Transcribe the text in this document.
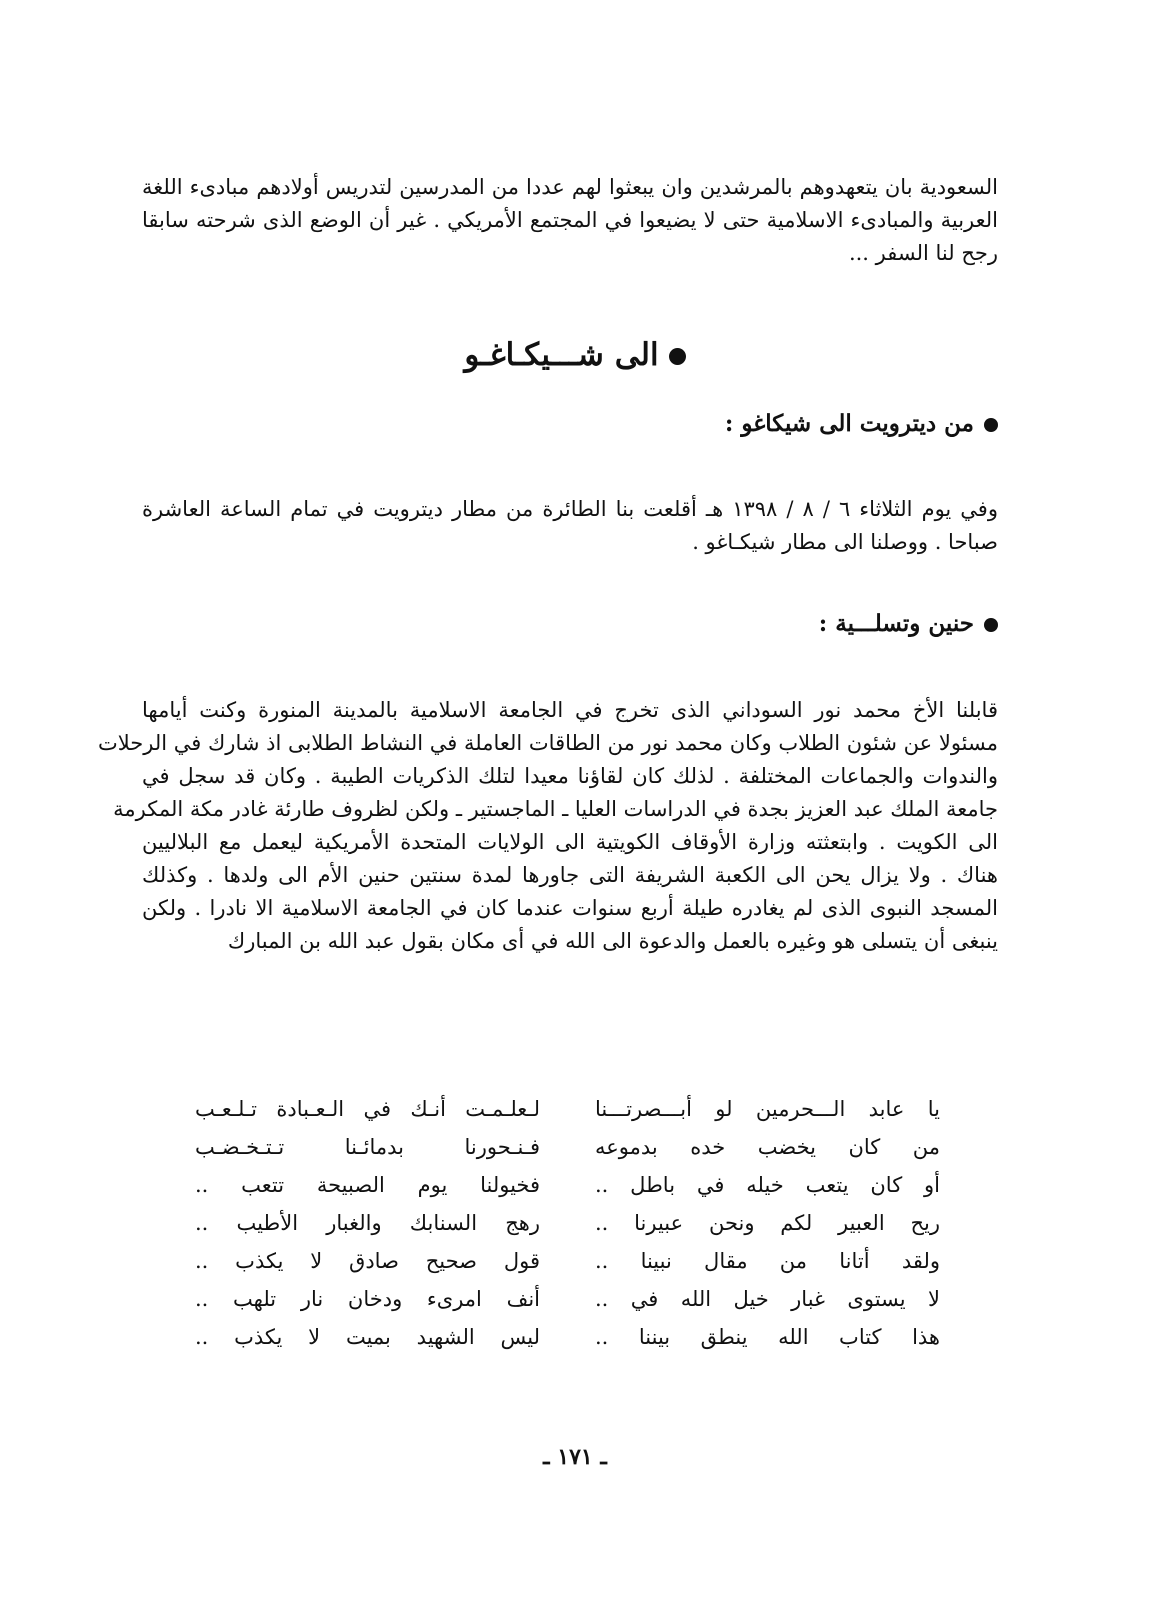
السعودية بان يتعهدوهم بالمرشدين وان يبعثوا لهم عددا من المدرسين لتدريس أولادهم مبادىء اللغة
العربية والمبادىء الاسلامية حتى لا يضيعوا في المجتمع الأمريكي . غير أن الوضع الذى شرحته سابقا
رجح لنا السفر ...
الى شـــيكـاغـو
من ديترويت الى شيكاغو :
وفي يوم الثلاثاء ٦ / ٨ / ١٣٩٨ هـ أقلعت بنا الطائرة من مطار ديترويت في تمام الساعة العاشرة
صباحا . ووصلنا الى مطار شيكـاغو .
حنين وتسلـــية :
قابلنا الأخ محمد نور السوداني الذى تخرج في الجامعة الاسلامية بالمدينة المنورة وكنت أيامها
مسئولا عن شئون الطلاب وكان محمد نور من الطاقات العاملة في النشاط الطلابى اذ شارك في الرحلات
والندوات والجماعات المختلفة . لذلك كان لقاؤنا معيدا لتلك الذكريات الطيبة . وكان قد سجل في
جامعة الملك عبد العزيز بجدة في الدراسات العليا ـ الماجستير ـ ولكن لظروف طارئة غادر مكة المكرمة
الى الكويت . وابتعثته وزارة الأوقاف الكويتية الى الولايات المتحدة الأمريكية ليعمل مع البلاليين
هناك . ولا يزال يحن الى الكعبة الشريفة التى جاورها لمدة سنتين حنين الأم الى ولدها . وكذلك
المسجد النبوى الذى لم يغادره طيلة أربع سنوات عندما كان في الجامعة الاسلامية الا نادرا . ولكن
ينبغى أن يتسلى هو وغيره بالعمل والدعوة الى الله في أى مكان بقول عبد الله بن المبارك
يا عابد الـــحرمين لو أبـــصرتـــنا
لـعلـمـت أنـك في الـعـبادة تـلـعـب
من كان يخضب خده بدموعه
فـنـحورنا بدمائـنا تـتـخـضـب
أو كان يتعب خيله في باطل ..
فخيولنا يوم الصبيحة تتعب ..
ريح العبير لكم ونحن عبيرنا ..
رهج السنابك والغبار الأطيب ..
ولقد أتانا من مقال نبينا ..
قول صحيح صادق لا يكذب ..
لا يستوى غبار خيل الله في ..
أنف امرىء ودخان نار تلهب ..
هذا كتاب الله ينطق بيننا ..
ليس الشهيد بميت لا يكذب ..
ـ ١٧١ ـ
